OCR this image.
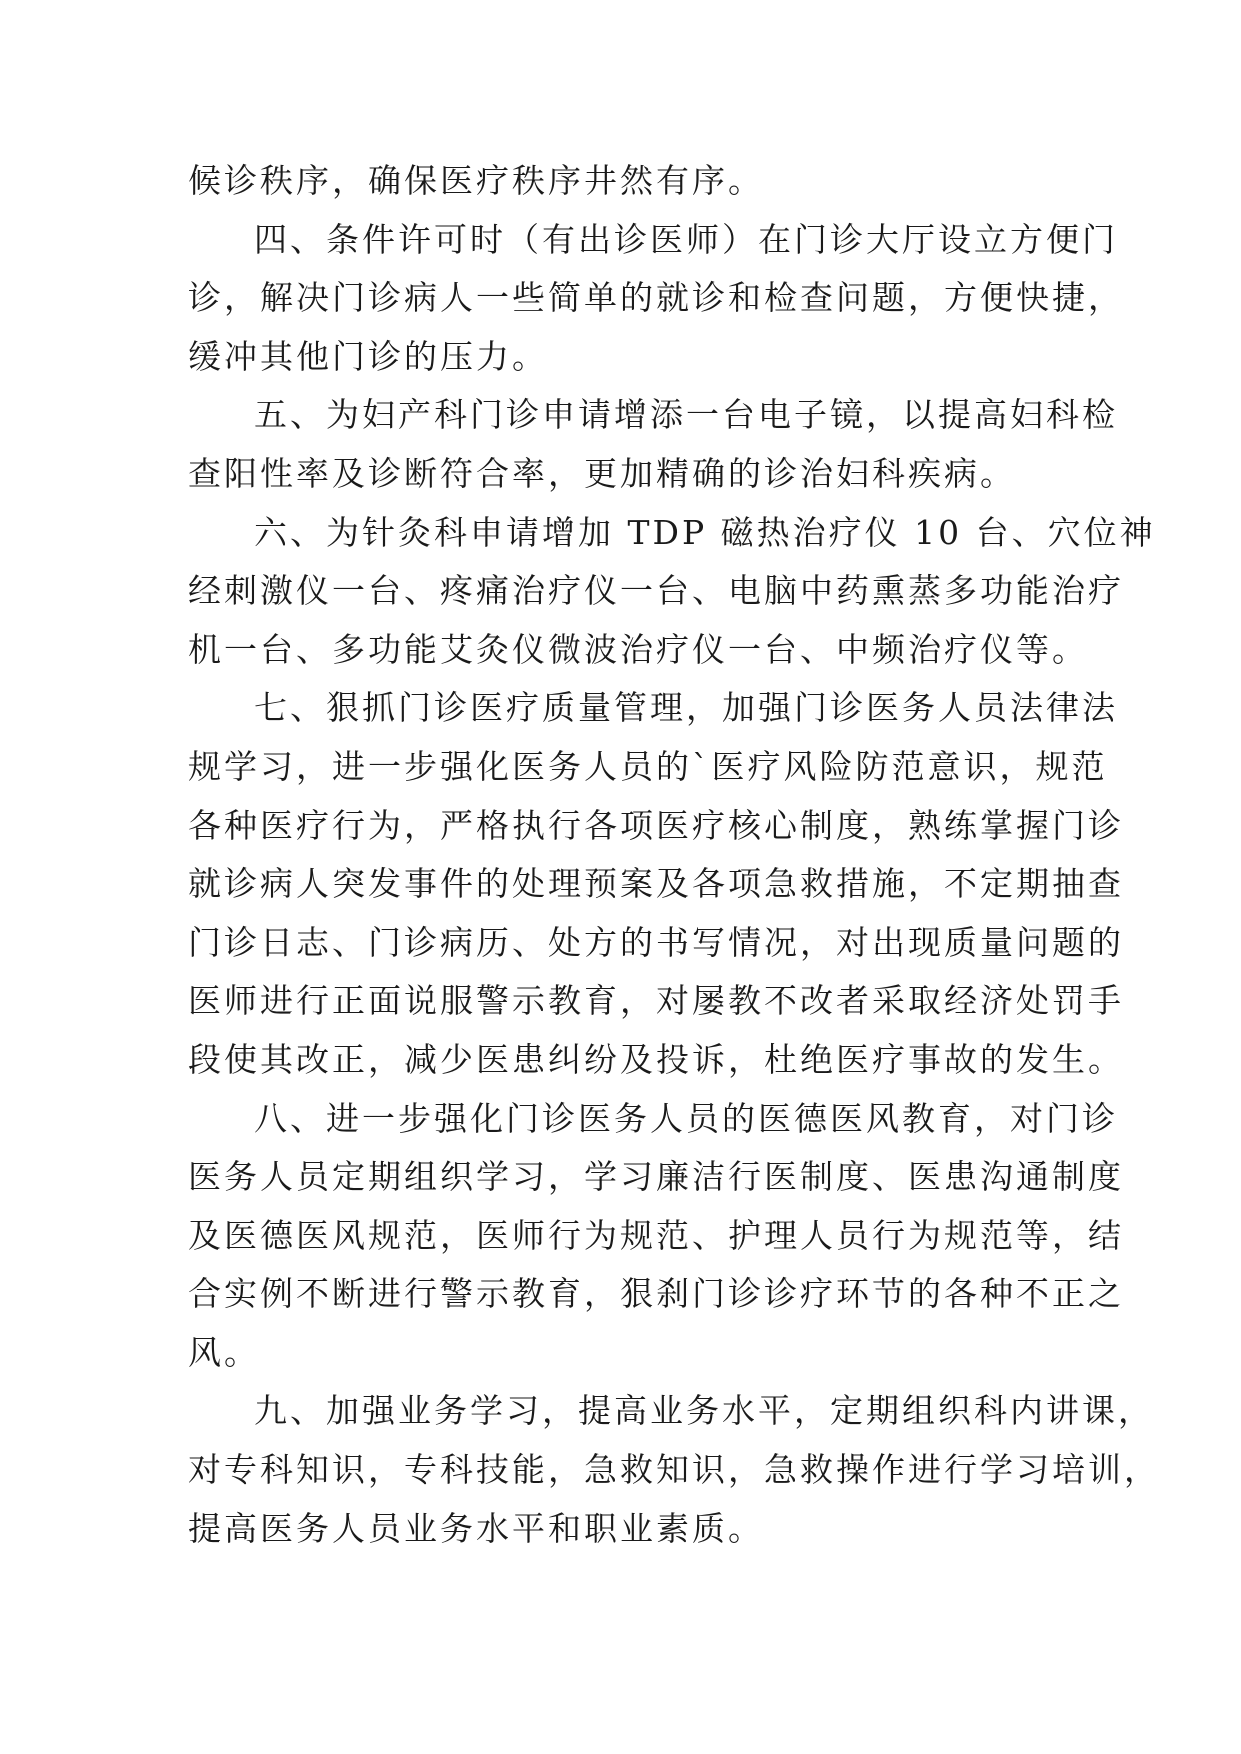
候诊秩序，确保医疗秩序井然有序。
四、条件许可时（有出诊医师）在门诊大厅设立方便门
诊，解决门诊病人一些简单的就诊和检查问题，方便快捷，
缓冲其他门诊的压力。
五、为妇产科门诊申请增添一台电子镜，以提高妇科检
查阳性率及诊断符合率，更加精确的诊治妇科疾病。
六、为针灸科申请增加 TDP 磁热治疗仪 10 台、穴位神
经刺激仪一台、疼痛治疗仪一台、电脑中药熏蒸多功能治疗
机一台、多功能艾灸仪微波治疗仪一台、中频治疗仪等。
七、狠抓门诊医疗质量管理，加强门诊医务人员法律法
规学习，进一步强化医务人员的`医疗风险防范意识，规范
各种医疗行为，严格执行各项医疗核心制度，熟练掌握门诊
就诊病人突发事件的处理预案及各项急救措施，不定期抽查
门诊日志、门诊病历、处方的书写情况，对出现质量问题的
医师进行正面说服警示教育，对屡教不改者采取经济处罚手
段使其改正，减少医患纠纷及投诉，杜绝医疗事故的发生。
八、进一步强化门诊医务人员的医德医风教育，对门诊
医务人员定期组织学习，学习廉洁行医制度、医患沟通制度
及医德医风规范，医师行为规范、护理人员行为规范等，结
合实例不断进行警示教育，狠刹门诊诊疗环节的各种不正之
风。
九、加强业务学习，提高业务水平，定期组织科内讲课，
对专科知识，专科技能，急救知识，急救操作进行学习培训，
提高医务人员业务水平和职业素质。
